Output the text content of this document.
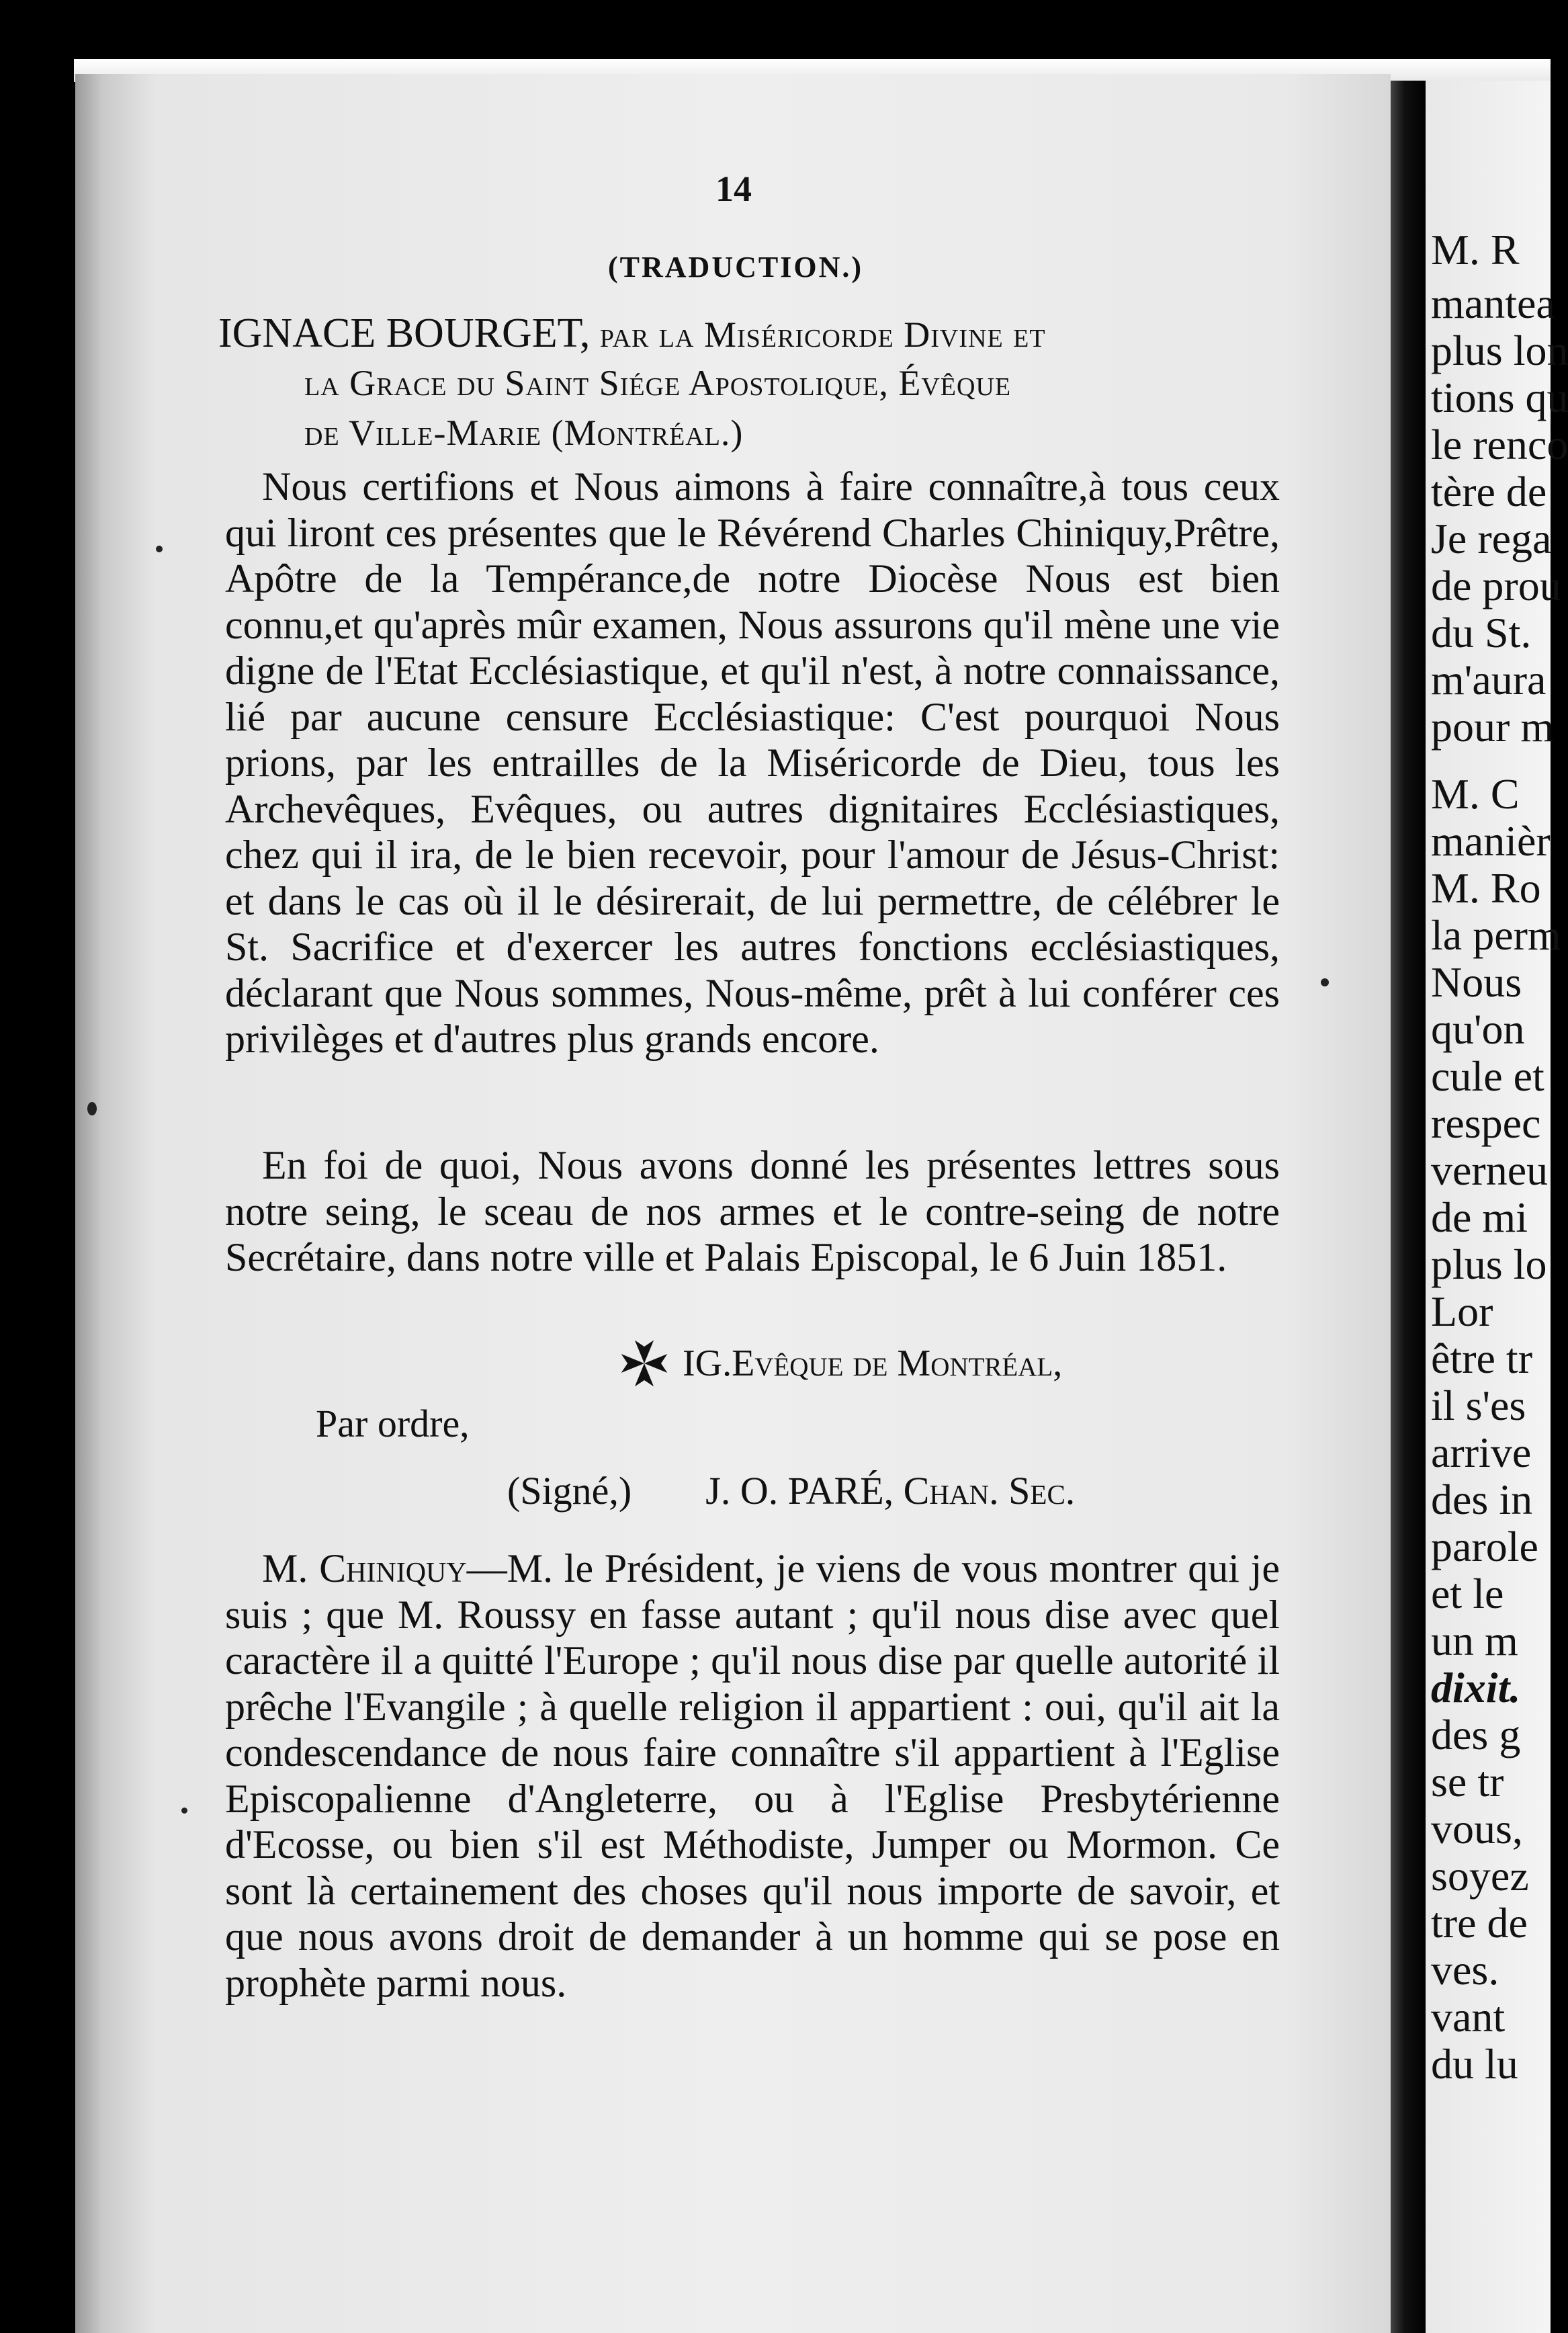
M. R
mantea
plus lon
tions qu
le renco
tère de
Je rega
de prou
du St.
m'aura
pour m
M. C
manièr
M. Ro
la perm
Nous
qu'on
cule et
respec
verneu
de mi
plus lo
Lor
être tr
il s'es
arrive
des in
parole
et le
un m
dixit.
des g
se tr
vous,
soyez
tre de
ves.
vant
du lu
14
(TRADUCTION.)
IGNACE BOURGET, par la Miséricorde Divine et
la Grace du Saint Siége Apostolique, Évêque
de Ville-Marie (Montréal.)

Nous certifions et Nous aimons à faire connaître,à tous ceux qui liront ces présentes que le Révérend Charles Chiniquy,Prêtre, Apôtre de la Tempérance,de notre Diocèse Nous est bien connu,et qu'après mûr examen, Nous assurons qu'il mène une vie digne de l'Etat Ecclésiastique, et qu'il n'est, à notre connaissance, lié par aucune censure Ecclésiastique: C'est pourquoi Nous prions, par les entrailles de la Miséricorde de Dieu, tous les Archevêques, Evêques, ou autres dignitaires Ecclésiastiques, chez qui il ira, de le bien recevoir, pour l'amour de Jésus-Christ: et dans le cas où il le désirerait, de lui permettre, de célébrer le St. Sacrifice et d'exercer les autres fonctions ecclésiastiques, déclarant que Nous sommes, Nous-même, prêt à lui conférer ces privilèges et d'autres plus grands encore.

En foi de quoi, Nous avons donné les présentes lettres sous notre seing, le sceau de nos armes et le contre-seing de notre Secrétaire, dans notre ville et Palais Episcopal, le 6 Juin 1851.

IG. Evêque de Montréal,
Par ordre,
(Signé,) J. O. PARÉ, Chan. Sec.

M. Chiniquy—M. le Président, je viens de vous montrer qui je suis ; que M. Roussy en fasse autant ; qu'il nous dise avec quel caractère il a quitté l'Europe ; qu'il nous dise par quelle autorité il prêche l'Evangile ; à quelle religion il appartient : oui, qu'il ait la condescendance de nous faire connaître s'il appartient à l'Eglise Episcopalienne d'Angleterre, ou à l'Eglise Presbytérienne d'Ecosse, ou bien s'il est Méthodiste, Jumper ou Mormon. Ce sont là certainement des choses qu'il nous importe de savoir, et que nous avons droit de demander à un homme qui se pose en prophète parmi nous.
